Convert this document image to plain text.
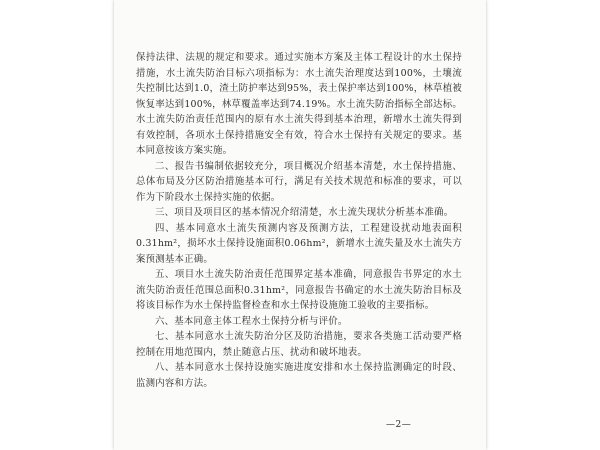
保持法律、法规的规定和要求。通过实施本方案及主体工程设计的水土保持措施，水土流失防治目标六项指标为：水土流失治理度达到100%，土壤流失控制比达到1.0，渣土防护率达到95%，表土保护率达到100%，林草植被恢复率达到100%，林草覆盖率达到74.19%。水土流失防治指标全部达标。水土流失防治责任范围内的原有水土流失得到基本治理，新增水土流失得到有效控制，各项水土保持措施安全有效，符合水土保持有关规定的要求。基本同意按该方案实施。

二、报告书编制依据较充分，项目概况介绍基本清楚，水土保持措施、总体布局及分区防治措施基本可行，满足有关技术规范和标准的要求，可以作为下阶段水土保持实施的依据。

三、项目及项目区的基本情况介绍清楚，水土流失现状分析基本准确。

四、基本同意水土流失预测内容及预测方法，工程建设扰动地表面积0.31hm²，损坏水土保持设施面积0.06hm²，新增水土流失量及水土流失方案预测基本正确。

五、项目水土流失防治责任范围界定基本准确，同意报告书界定的水土流失防治责任范围总面积0.31hm²，同意报告书确定的水土流失防治目标及将该目标作为水土保持监督检查和水土保持设施施工验收的主要指标。

六、基本同意主体工程水土保持分析与评价。

七、基本同意水土流失防治分区及防治措施，要求各类施工活动要严格控制在用地范围内，禁止随意占压、扰动和破坏地表。

八、基本同意水土保持设施实施进度安排和水土保持监测确定的时段、监测内容和方法。

—2—
